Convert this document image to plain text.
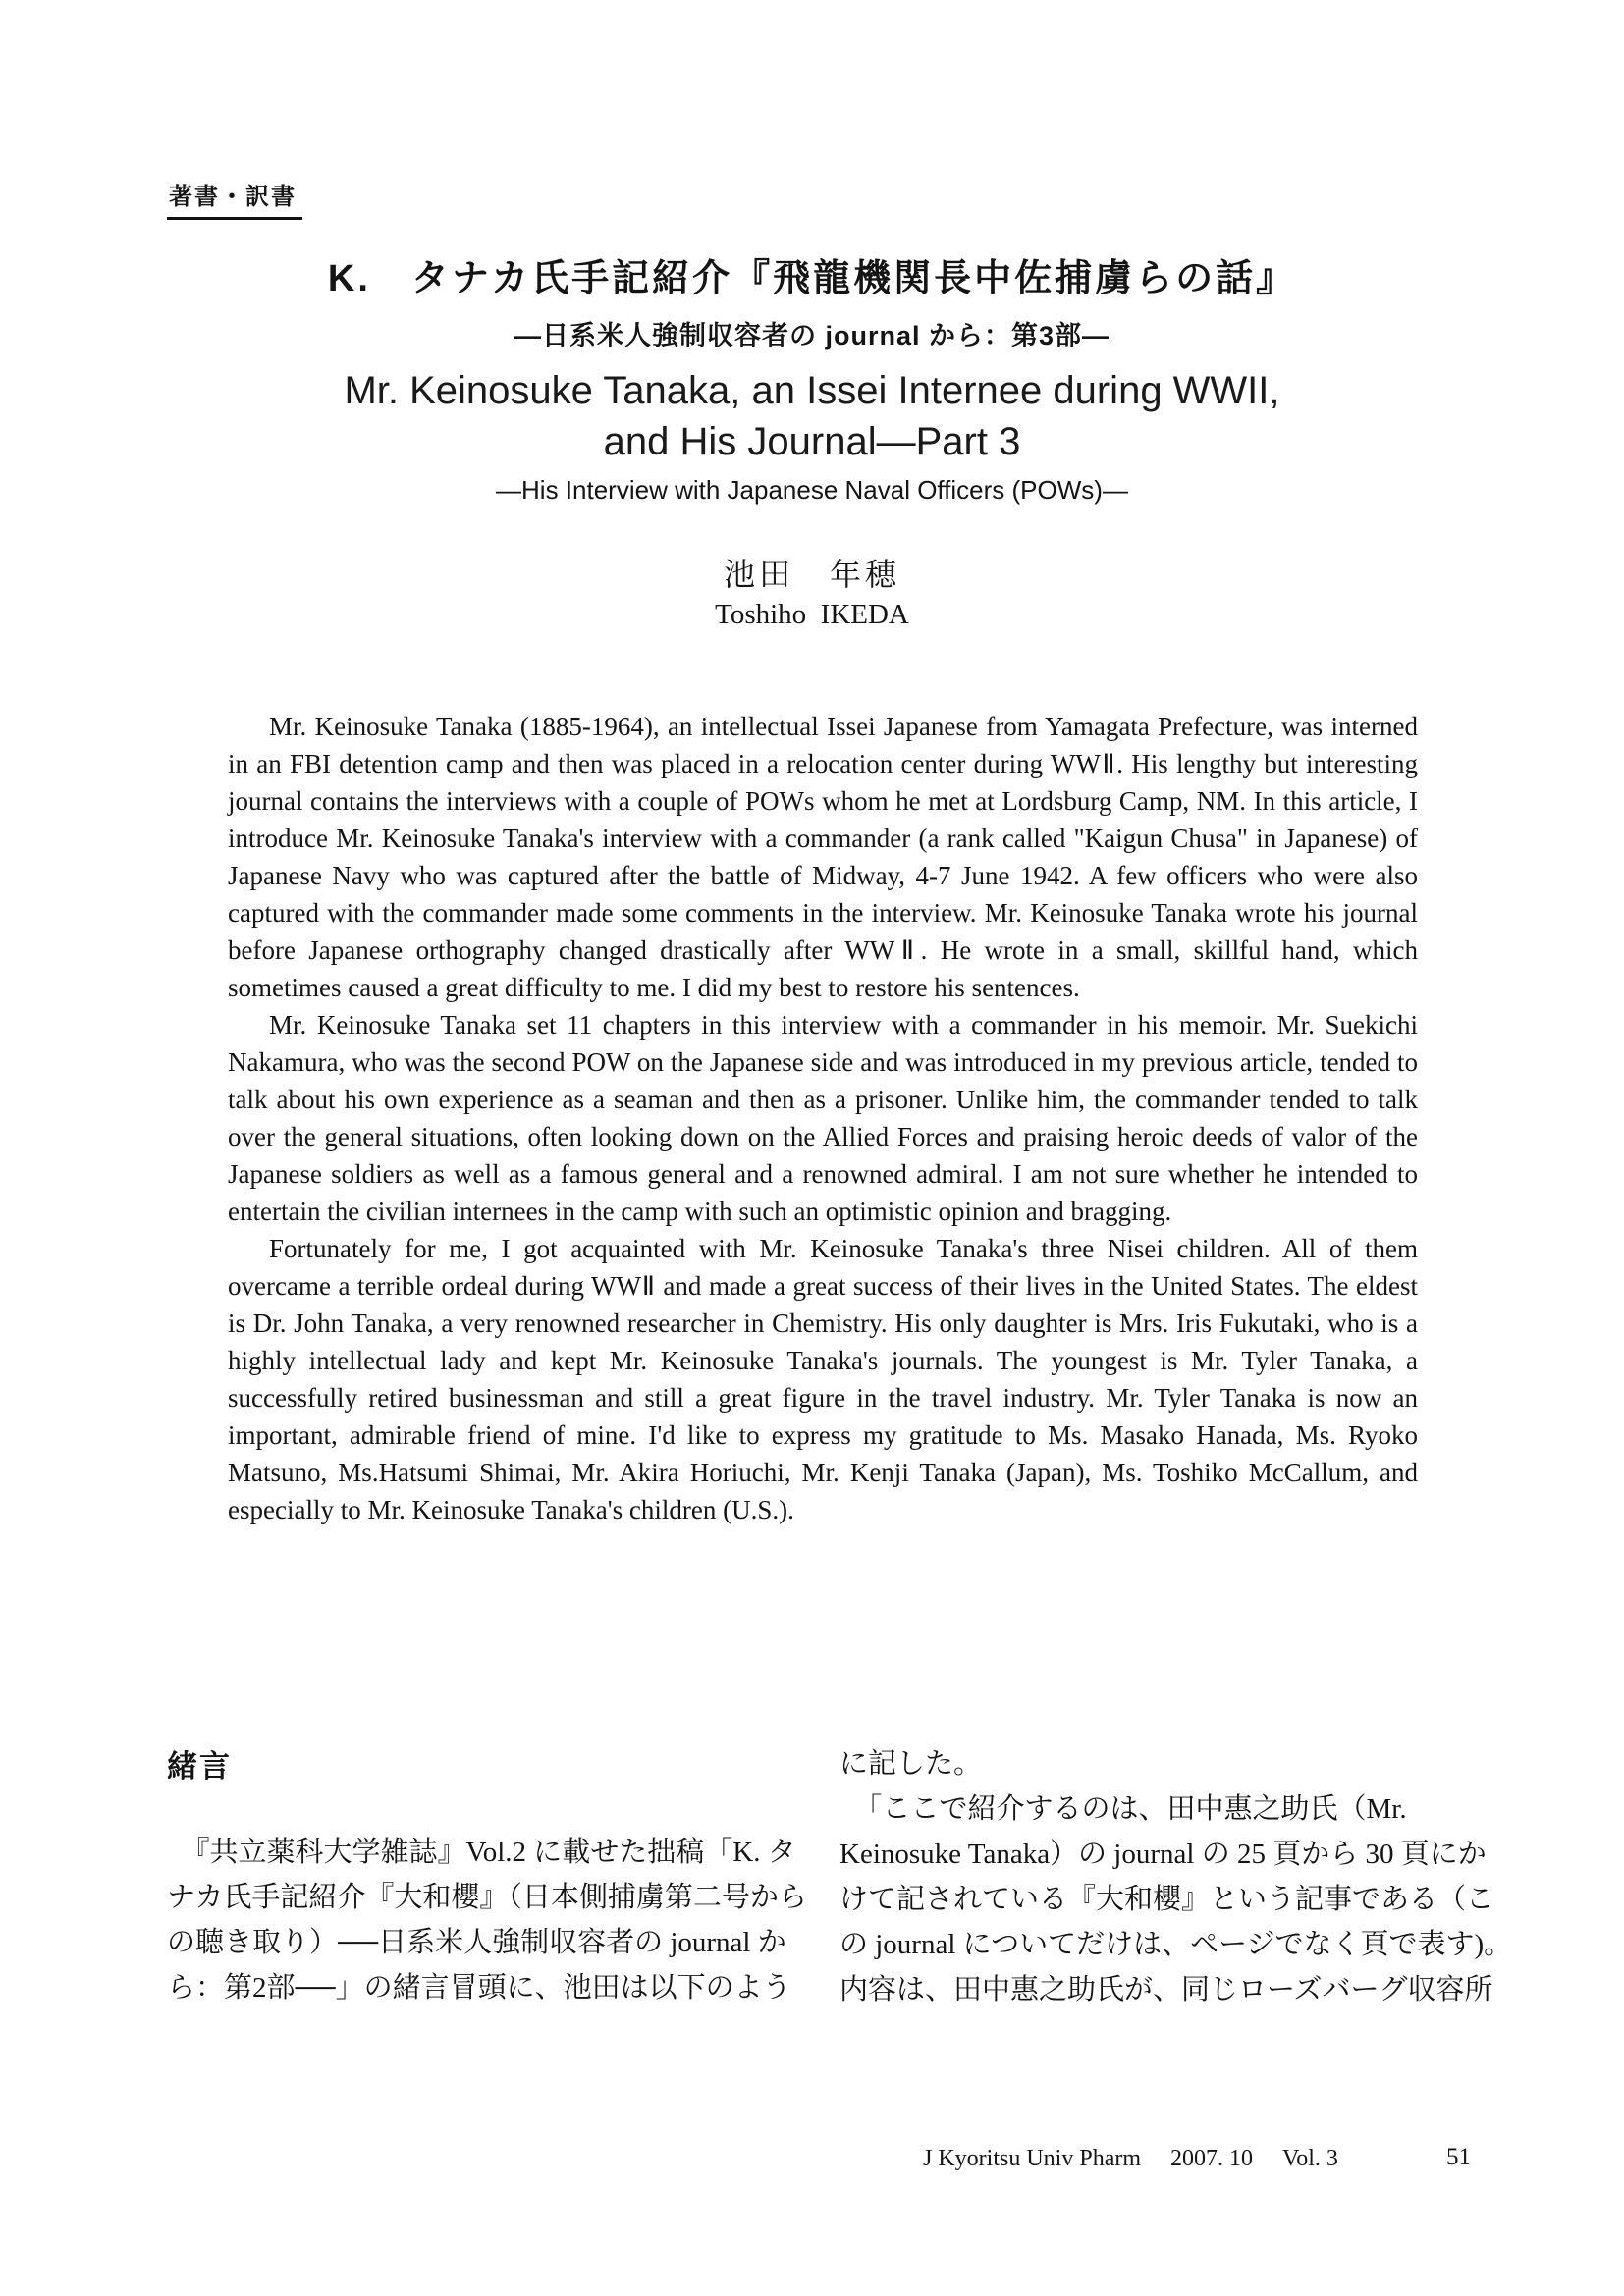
著書・訳書
K.　タナカ氏手記紹介『飛龍機関長中佐捕虜らの話』
—日系米人強制収容者の journal から：第3部—
Mr. Keinosuke Tanaka, an Issei Internee during WWII,
and His Journal—Part 3
—His Interview with Japanese Naval Officers (POWs)—
池田　年穂
Toshiho  IKEDA

Mr. Keinosuke Tanaka (1885-1964), an intellectual Issei Japanese from Yamagata Prefecture, was interned in an FBI detention camp and then was placed in a relocation center during WWⅡ. His lengthy but interesting journal contains the interviews with a couple of POWs whom he met at Lordsburg Camp, NM. In this article, I introduce Mr. Keinosuke Tanaka's interview with a commander (a rank called "Kaigun Chusa" in Japanese) of Japanese Navy who was captured after the battle of Midway, 4-7 June 1942. A few officers who were also captured with the commander made some comments in the interview. Mr. Keinosuke Tanaka wrote his journal before Japanese orthography changed drastically after WWⅡ. He wrote in a small, skillful hand, which sometimes caused a great difficulty to me. I did my best to restore his sentences.

Mr. Keinosuke Tanaka set 11 chapters in this interview with a commander in his memoir. Mr. Suekichi Nakamura, who was the second POW on the Japanese side and was introduced in my previous article, tended to talk about his own experience as a seaman and then as a prisoner. Unlike him, the commander tended to talk over the general situations, often looking down on the Allied Forces and praising heroic deeds of valor of the Japanese soldiers as well as a famous general and a renowned admiral. I am not sure whether he intended to entertain the civilian internees in the camp with such an optimistic opinion and bragging.

Fortunately for me, I got acquainted with Mr. Keinosuke Tanaka's three Nisei children. All of them overcame a terrible ordeal during WWⅡ and made a great success of their lives in the United States. The eldest is Dr. John Tanaka, a very renowned researcher in Chemistry. His only daughter is Mrs. Iris Fukutaki, who is a highly intellectual lady and kept Mr. Keinosuke Tanaka's journals. The youngest is Mr. Tyler Tanaka, a successfully retired businessman and still a great figure in the travel industry. Mr. Tyler Tanaka is now an important, admirable friend of mine. I'd like to express my gratitude to Ms. Masako Hanada, Ms. Ryoko Matsuno, Ms.Hatsumi Shimai, Mr. Akira Horiuchi, Mr. Kenji Tanaka (Japan), Ms. Toshiko McCallum, and especially to Mr. Keinosuke Tanaka's children (U.S.).

緒言
　『共立薬科大学雑誌』Vol.2 に載せた拙稿「K. タ
ナカ氏手記紹介『大和櫻』（日本側捕虜第二号から
の聴き取り）──日系米人強制収容者の journal か
ら：第2部──」の緒言冒頭に、池田は以下のよう
に記した。
　「ここで紹介するのは、田中惠之助氏（Mr.
Keinosuke Tanaka）の journal の 25 頁から 30 頁にか
けて記されている『大和櫻』という記事である（こ
の journal についてだけは、ページでなく頁で表す)。
内容は、田中惠之助氏が、同じローズバーグ収容所
J Kyoritsu Univ Pharm 2007. 10 Vol. 3	51
